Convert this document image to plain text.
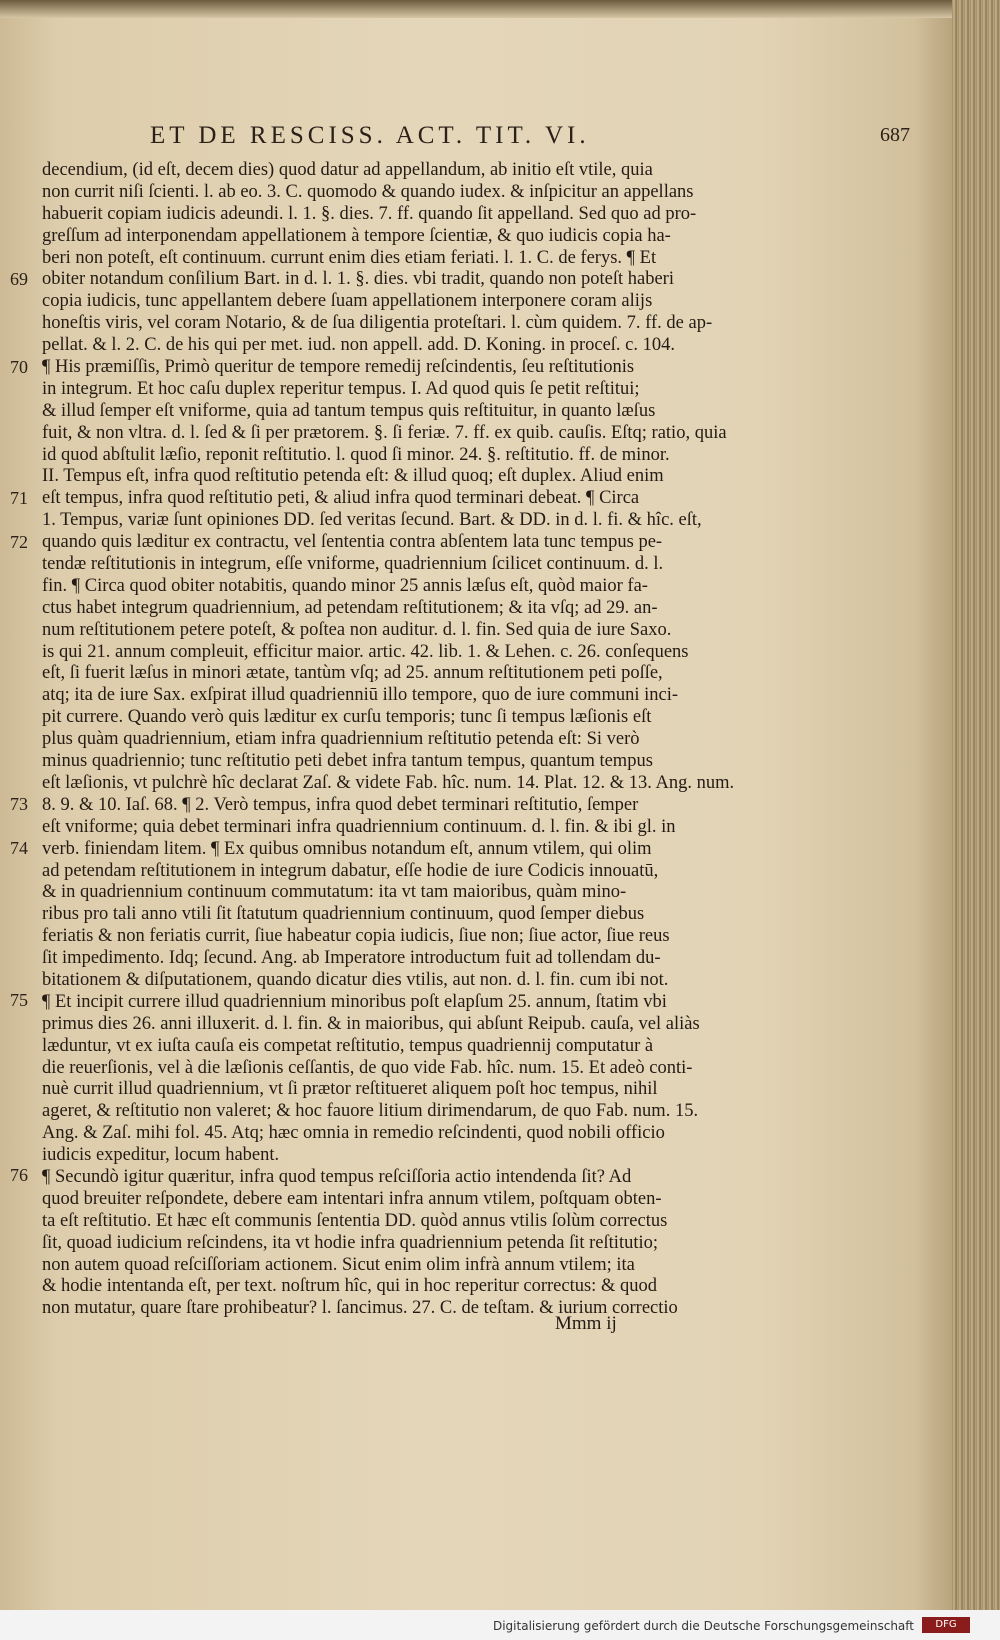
ET DE RESCISS. ACT. TIT. VI.	687
69
70
71
72
73
74
75
76
decendium, (id eſt, decem dies) quod datur ad appellandum, ab initio eſt vtile, quia
non currit niſi ſcienti. l. ab eo. 3. C. quomodo & quando iudex. & inſpicitur an appellans
habuerit copiam iudicis adeundi. l. 1. §. dies. 7. ff. quando ſit appelland. Sed quo ad pro-
greſſum ad interponendam appellationem à tempore ſcientiæ, & quo iudicis copia ha-
beri non poteſt, eſt continuum. currunt enim dies etiam feriati. l. 1. C. de ferys. ¶ Et
obiter notandum conſilium Bart. in d. l. 1. §. dies. vbi tradit, quando non poteſt haberi
copia iudicis, tunc appellantem debere ſuam appellationem interponere coram alijs
honeſtis viris, vel coram Notario, & de ſua diligentia proteſtari. l. cùm quidem. 7. ff. de ap-
pellat. & l. 2. C. de his qui per met. iud. non appell. add. D. Koning. in proceſ. c. 104.
¶ His præmiſſis, Primò queritur de tempore remedij reſcindentis, ſeu reſtitutionis
in integrum. Et hoc caſu duplex reperitur tempus. I. Ad quod quis ſe petit reſtitui;
& illud ſemper eſt vniforme, quia ad tantum tempus quis reſtituitur, in quanto læſus
fuit, & non vltra. d. l. ſed & ſi per prætorem. §. ſi feriæ. 7. ff. ex quib. cauſis. Eſtq; ratio, quia
id quod abſtulit læſio, reponit reſtitutio. l. quod ſi minor. 24. §. reſtitutio. ff. de minor.
II. Tempus eſt, infra quod reſtitutio petenda eſt: & illud quoq; eſt duplex. Aliud enim
eſt tempus, infra quod reſtitutio peti, & aliud infra quod terminari debeat. ¶ Circa
1. Tempus, variæ ſunt opiniones DD. ſed veritas ſecund. Bart. & DD. in d. l. fi. & hîc. eſt,
quando quis læditur ex contractu, vel ſententia contra abſentem lata tunc tempus pe-
tendæ reſtitutionis in integrum, eſſe vniforme, quadriennium ſcilicet continuum. d. l.
fin. ¶ Circa quod obiter notabitis, quando minor 25 annis læſus eſt, quòd maior fa-
ctus habet integrum quadriennium, ad petendam reſtitutionem; & ita vſq; ad 29. an-
num reſtitutionem petere poteſt, & poſtea non auditur. d. l. fin. Sed quia de iure Saxo.
is qui 21. annum compleuit, efficitur maior. artic. 42. lib. 1. & Lehen. c. 26. conſequens
eſt, ſi fuerit læſus in minori ætate, tantùm vſq; ad 25. annum reſtitutionem peti poſſe,
atq; ita de iure Sax. exſpirat illud quadrienniū illo tempore, quo de iure communi inci-
pit currere. Quando verò quis læditur ex curſu temporis; tunc ſi tempus læſionis eſt
plus quàm quadriennium, etiam infra quadriennium reſtitutio petenda eſt: Si verò
minus quadriennio; tunc reſtitutio peti debet infra tantum tempus, quantum tempus
eſt læſionis, vt pulchrè hîc declarat Zaſ. & videte Fab. hîc. num. 14. Plat. 12. & 13. Ang. num.
8. 9. & 10. Iaſ. 68. ¶ 2. Verò tempus, infra quod debet terminari reſtitutio, ſemper
eſt vniforme; quia debet terminari infra quadriennium continuum. d. l. fin. & ibi gl. in
verb. finiendam litem. ¶ Ex quibus omnibus notandum eſt, annum vtilem, qui olim
ad petendam reſtitutionem in integrum dabatur, eſſe hodie de iure Codicis innouatū,
& in quadriennium continuum commutatum: ita vt tam maioribus, quàm mino-
ribus pro tali anno vtili ſit ſtatutum quadriennium continuum, quod ſemper diebus
feriatis & non feriatis currit, ſiue habeatur copia iudicis, ſiue non; ſiue actor, ſiue reus
ſit impedimento. Idq; ſecund. Ang. ab Imperatore introductum fuit ad tollendam du-
bitationem & diſputationem, quando dicatur dies vtilis, aut non. d. l. fin. cum ibi not.
¶ Et incipit currere illud quadriennium minoribus poſt elapſum 25. annum, ſtatim vbi
primus dies 26. anni illuxerit. d. l. fin. & in maioribus, qui abſunt Reipub. cauſa, vel aliàs
læduntur, vt ex iuſta cauſa eis competat reſtitutio, tempus quadriennij computatur à
die reuerſionis, vel à die læſionis ceſſantis, de quo vide Fab. hîc. num. 15. Et adeò conti-
nuè currit illud quadriennium, vt ſi prætor reſtitueret aliquem poſt hoc tempus, nihil
ageret, & reſtitutio non valeret; & hoc fauore litium dirimendarum, de quo Fab. num. 15.
Ang. & Zaſ. mihi fol. 45. Atq; hæc omnia in remedio reſcindenti, quod nobili officio
iudicis expeditur, locum habent.
¶ Secundò igitur quæritur, infra quod tempus reſciſſoria actio intendenda ſit? Ad
quod breuiter reſpondete, debere eam intentari infra annum vtilem, poſtquam obten-
ta eſt reſtitutio. Et hæc eſt communis ſententia DD. quòd annus vtilis ſolùm correctus
ſit, quoad iudicium reſcindens, ita vt hodie infra quadriennium petenda ſit reſtitutio;
non autem quoad reſciſſoriam actionem. Sicut enim olim infrà annum vtilem; ita
& hodie intentanda eſt, per text. noſtrum hîc, qui in hoc reperitur correctus: & quod
non mutatur, quare ſtare prohibeatur? l. ſancimus. 27. C. de teſtam. & iurium correctio
Mmm ij
Digitalisierung gefördert durch die Deutsche Forschungsgemeinschaft	DFG
